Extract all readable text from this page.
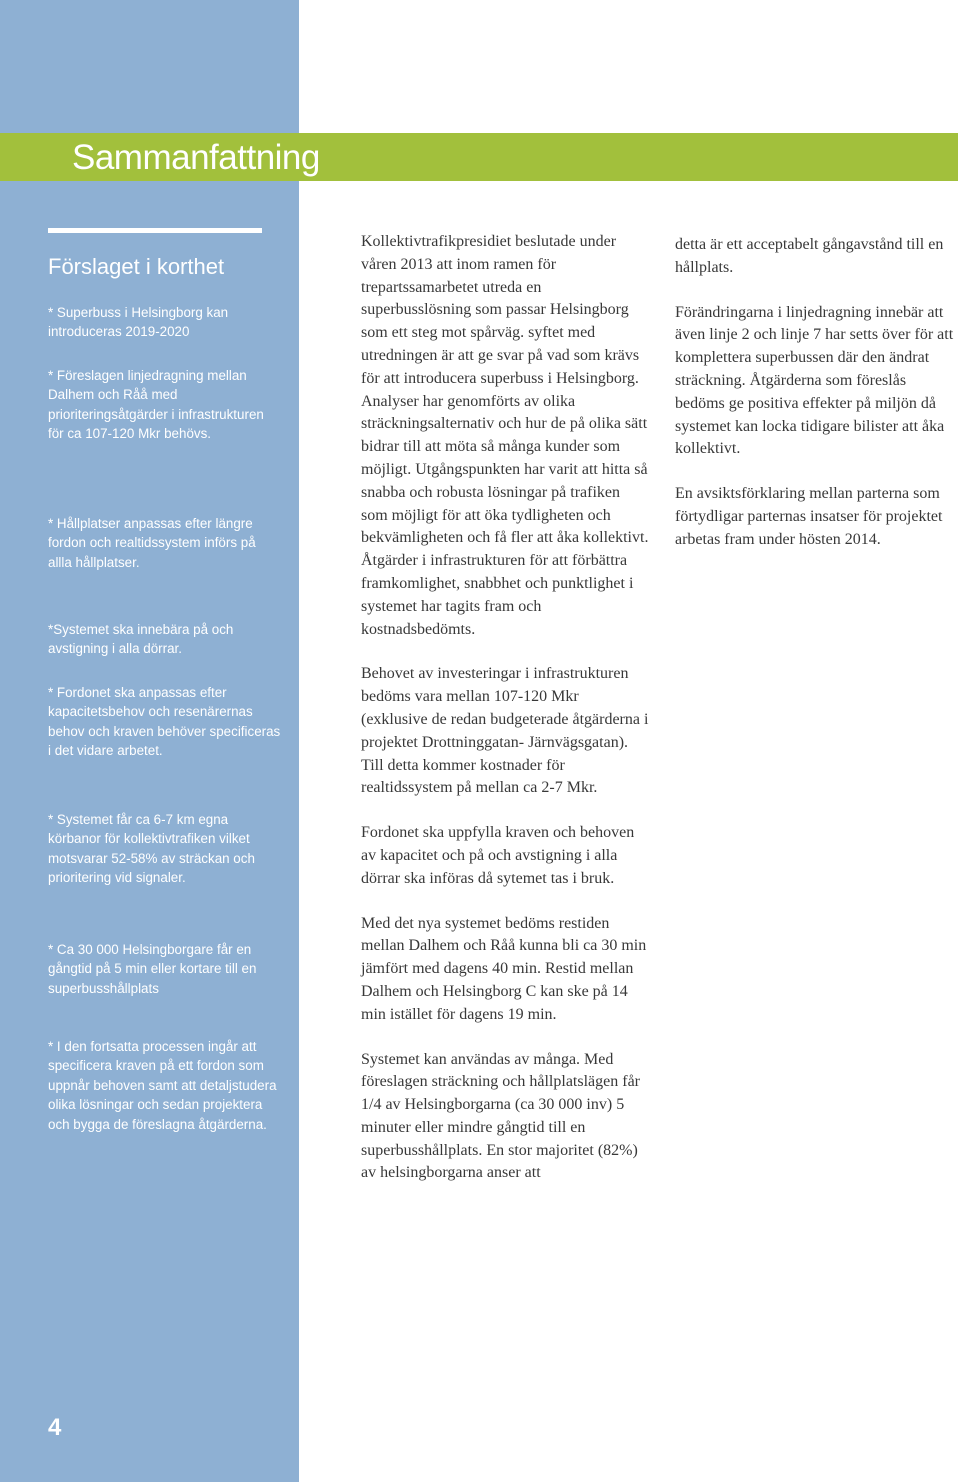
Sammanfattning
Förslaget i korthet

* Superbuss i Helsingborg kan introduceras 2019-2020

* Föreslagen linjedragning mellan Dalhem och Råå med prioriteringsåtgärder i infrastrukturen för ca 107-120 Mkr behövs.

* Hållplatser anpassas efter längre fordon och realtidssystem införs på allla hållplatser.

*Systemet ska innebära på och avstigning i alla dörrar.

* Fordonet ska anpassas efter kapacitetsbehov och resenärernas behov och kraven behöver specificeras i det vidare arbetet.

* Systemet får ca 6-7 km egna körbanor för kollektivtrafiken vilket motsvarar 52-58% av sträckan och prioritering vid signaler.

* Ca 30 000 Helsingborgare får en gångtid på 5 min eller kortare till en superbusshållplats

* I den fortsatta processen ingår att specificera kraven på ett fordon som uppnår behoven samt att detaljstudera olika lösningar och sedan projektera och bygga de föreslagna åtgärderna.

Kollektivtrafikpresidiet beslutade under våren 2013 att inom ramen för trepartssamarbetet utreda en superbusslösning som passar Helsingborg som ett steg mot spårväg. syftet med utredningen är att ge svar på vad som krävs för att introducera superbuss i Helsingborg. Analyser har genomförts av olika sträckningsalternativ och hur de på olika sätt bidrar till att möta så många kunder som möjligt. Utgångspunkten har varit att hitta så snabba och robusta lösningar på trafiken som möjligt för att öka tydligheten och bekvämligheten och få fler att åka kollektivt. Åtgärder i infrastrukturen för att förbättra framkomlighet, snabbhet och punktlighet i systemet har tagits fram och kostnadsbedömts.

Behovet av investeringar i infrastrukturen bedöms vara mellan 107-120 Mkr (exklusive de redan budgeterade åtgärderna i projektet Drottninggatan- Järnvägsgatan). Till detta kommer kostnader för realtidssystem på mellan ca 2-7 Mkr.

Fordonet ska uppfylla kraven och behoven av kapacitet och på och avstigning i alla dörrar ska införas då sytemet tas i bruk.

Med det nya systemet bedöms restiden mellan Dalhem och Råå kunna bli ca 30 min jämfört med dagens 40 min. Restid mellan Dalhem och Helsingborg C kan ske på 14 min istället för dagens 19 min.

Systemet kan användas av många. Med föreslagen sträckning och hållplatslägen får 1/4 av Helsingborgarna (ca 30 000 inv) 5 minuter eller mindre gångtid till en superbusshållplats. En stor majoritet (82%) av helsingborgarna anser att

detta är ett acceptabelt gångavstånd till en hållplats.

Förändringarna i linjedragning innebär att även linje 2 och linje 7 har setts över för att komplettera superbussen där den ändrat sträckning. Åtgärderna som föreslås bedöms ge positiva effekter på miljön då systemet kan locka tidigare bilister att åka kollektivt.

En avsiktsförklaring mellan parterna som förtydligar parternas insatser för projektet arbetas fram under hösten 2014.

4
